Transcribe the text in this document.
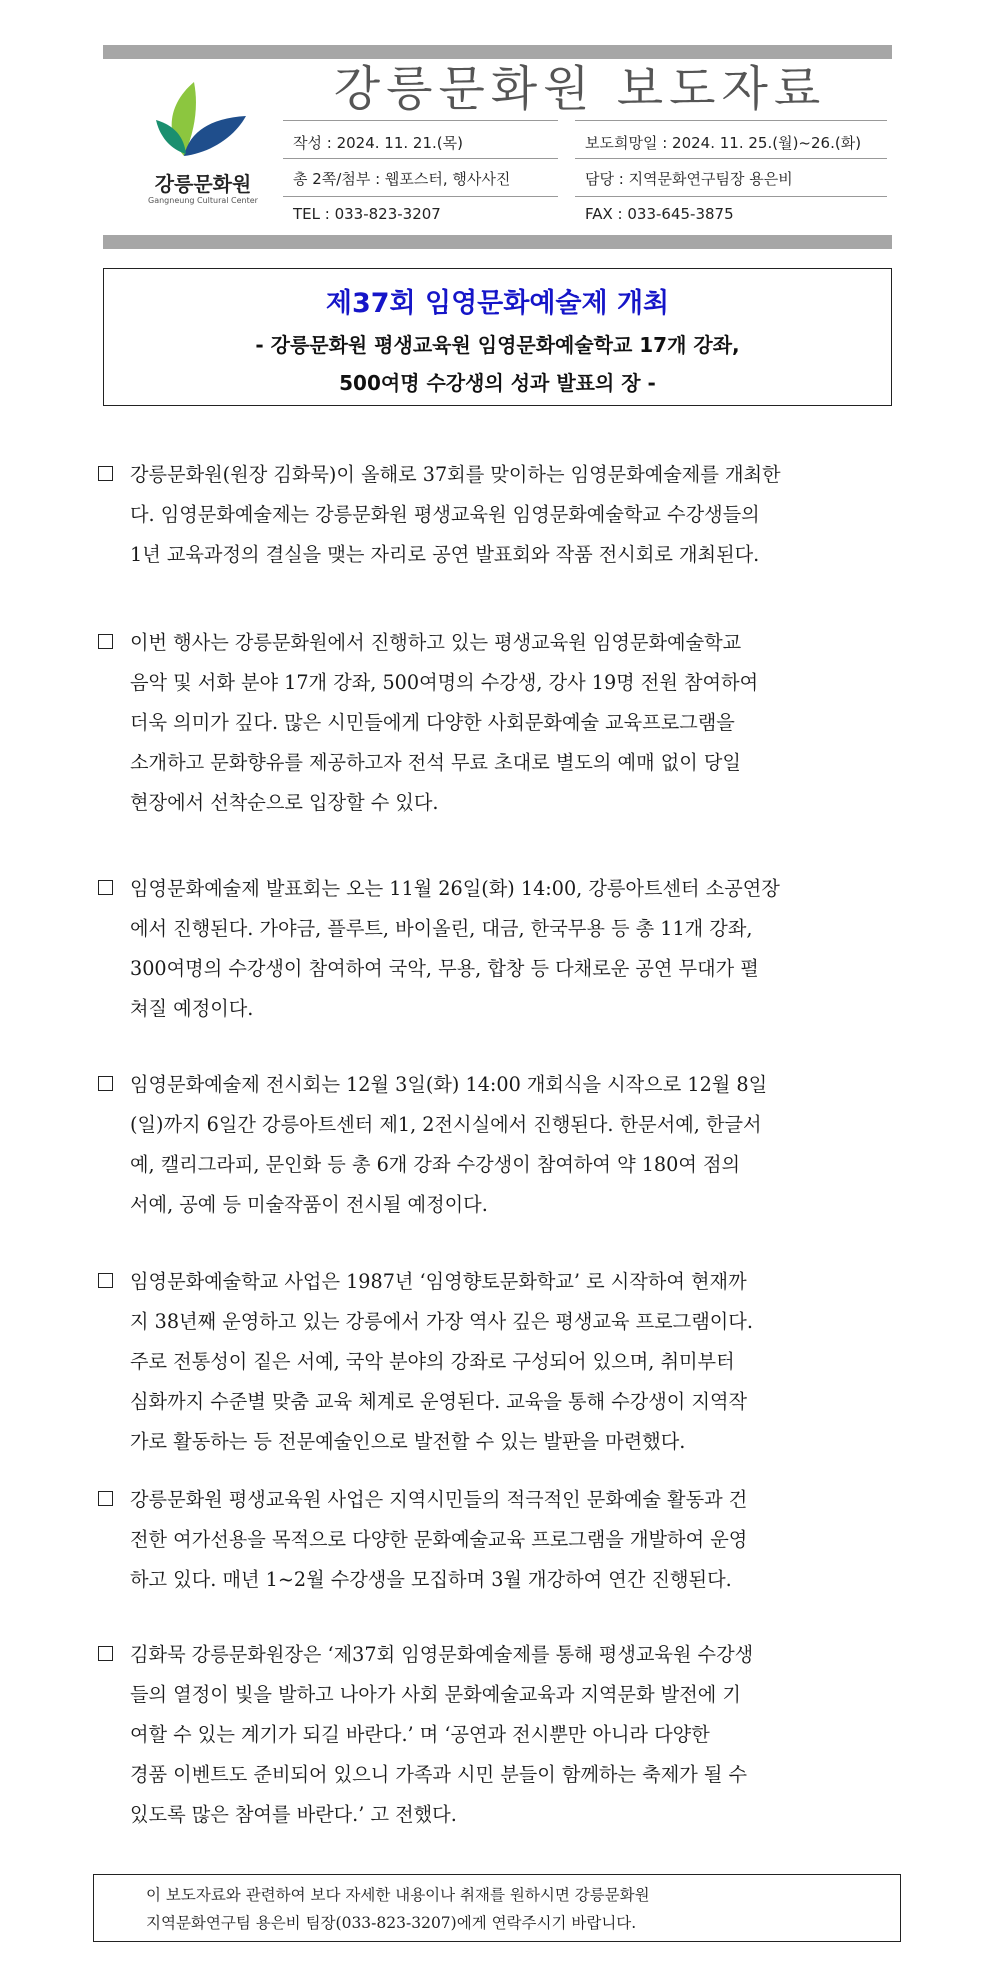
강릉문화원
Gangneung Cultural Center
강릉문화원 보도자료
작성 : 2024. 11. 21.(목)	보도희망일 : 2024. 11. 25.(월)~26.(화)
총 2쪽/첨부 : 웹포스터, 행사사진	담당 : 지역문화연구팀장 용은비
TEL : 033-823-3207	FAX : 033-645-3875
제37회 임영문화예술제 개최
- 강릉문화원 평생교육원 임영문화예술학교 17개 강좌,
500여명 수강생의 성과 발표의 장 -
강릉문화원(원장 김화묵)이 올해로 37회를 맞이하는 임영문화예술제를 개최한
다. 임영문화예술제는 강릉문화원 평생교육원 임영문화예술학교 수강생들의
1년 교육과정의 결실을 맺는 자리로 공연 발표회와 작품 전시회로 개최된다.
이번 행사는 강릉문화원에서 진행하고 있는 평생교육원 임영문화예술학교
음악 및 서화 분야 17개 강좌, 500여명의 수강생, 강사 19명 전원 참여하여
더욱 의미가 깊다. 많은 시민들에게 다양한 사회문화예술 교육프로그램을
소개하고 문화향유를 제공하고자 전석 무료 초대로 별도의 예매 없이 당일
현장에서 선착순으로 입장할 수 있다.
임영문화예술제 발표회는 오는 11월 26일(화) 14:00, 강릉아트센터 소공연장
에서 진행된다. 가야금, 플루트, 바이올린, 대금, 한국무용 등 총 11개 강좌,
300여명의 수강생이 참여하여 국악, 무용, 합창 등 다채로운 공연 무대가 펼
쳐질 예정이다.
임영문화예술제 전시회는 12월 3일(화) 14:00 개회식을 시작으로 12월 8일
(일)까지 6일간 강릉아트센터 제1, 2전시실에서 진행된다. 한문서예, 한글서
예, 캘리그라피, 문인화 등 총 6개 강좌 수강생이 참여하여 약 180여 점의
서예, 공예 등 미술작품이 전시될 예정이다.
임영문화예술학교 사업은 1987년 ‘임영향토문화학교’ 로 시작하여 현재까
지 38년째 운영하고 있는 강릉에서 가장 역사 깊은 평생교육 프로그램이다.
주로 전통성이 짙은 서예, 국악 분야의 강좌로 구성되어 있으며, 취미부터
심화까지 수준별 맞춤 교육 체계로 운영된다. 교육을 통해 수강생이 지역작
가로 활동하는 등 전문예술인으로 발전할 수 있는 발판을 마련했다.
강릉문화원 평생교육원 사업은 지역시민들의 적극적인 문화예술 활동과 건
전한 여가선용을 목적으로 다양한 문화예술교육 프로그램을 개발하여 운영
하고 있다. 매년 1~2월 수강생을 모집하며 3월 개강하여 연간 진행된다.
김화묵 강릉문화원장은 ‘제37회 임영문화예술제를 통해 평생교육원 수강생
들의 열정이 빛을 발하고 나아가 사회 문화예술교육과 지역문화 발전에 기
여할 수 있는 계기가 되길 바란다.’ 며 ‘공연과 전시뿐만 아니라 다양한
경품 이벤트도 준비되어 있으니 가족과 시민 분들이 함께하는 축제가 될 수
있도록 많은 참여를 바란다.’ 고 전했다.
이 보도자료와 관련하여 보다 자세한 내용이나 취재를 원하시면 강릉문화원
지역문화연구팀 용은비 팀장(033-823-3207)에게 연락주시기 바랍니다.
